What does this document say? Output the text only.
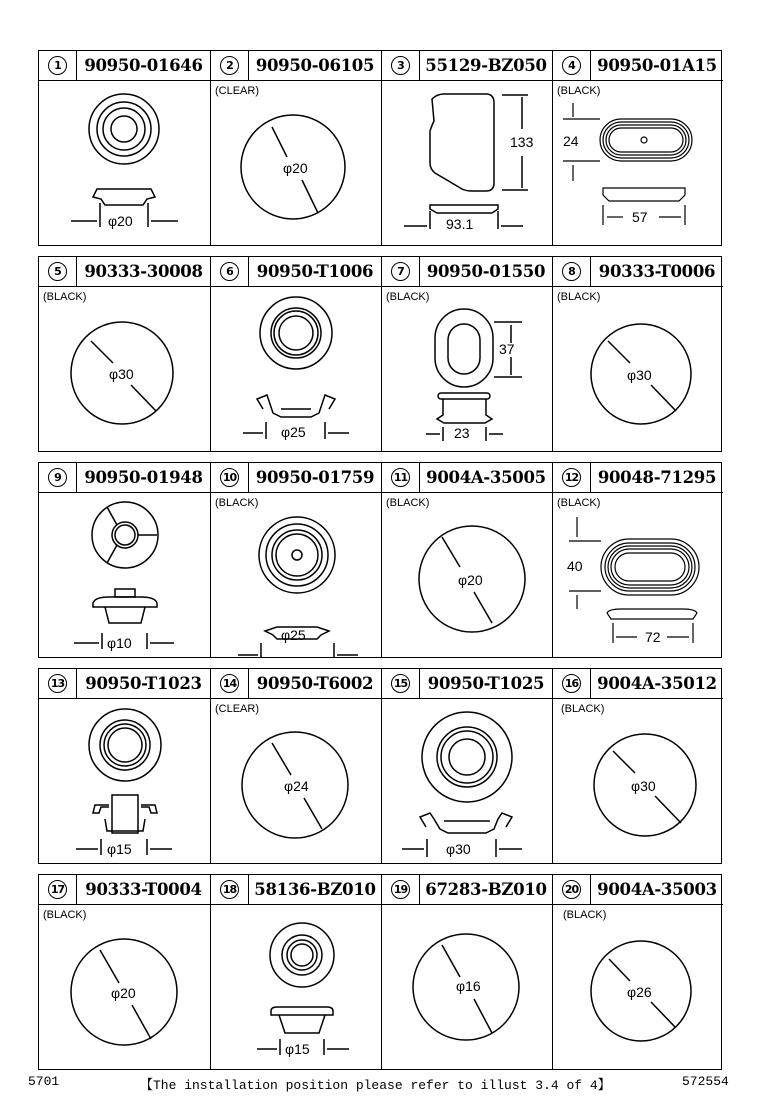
1	90950-01646
φ20
2	90950-06105
(CLEAR)
φ20
3	55129-BZ050
133
93.1
4	90950-01A15
(BLACK)
24
57
5	90333-30008
(BLACK)
φ30
6	90950-T1006
φ25
7	90950-01550
(BLACK)
37
23
8	90333-T0006
(BLACK)
φ30
9	90950-01948
φ10
10	90950-01759
(BLACK)
φ25
11	9004A-35005
(BLACK)
φ20
12	90048-71295
(BLACK)
40
72
13	90950-T1023
φ15
14	90950-T6002
(CLEAR)
φ24
15	90950-T1025
φ30
16	9004A-35012
(BLACK)
φ30
17	90333-T0004
(BLACK)
φ20
18	58136-BZ010
φ15
19	67283-BZ010
φ16
20	9004A-35003
(BLACK)
φ26
5701	【The installation position please refer to illust 3.4 of 4】	572554
